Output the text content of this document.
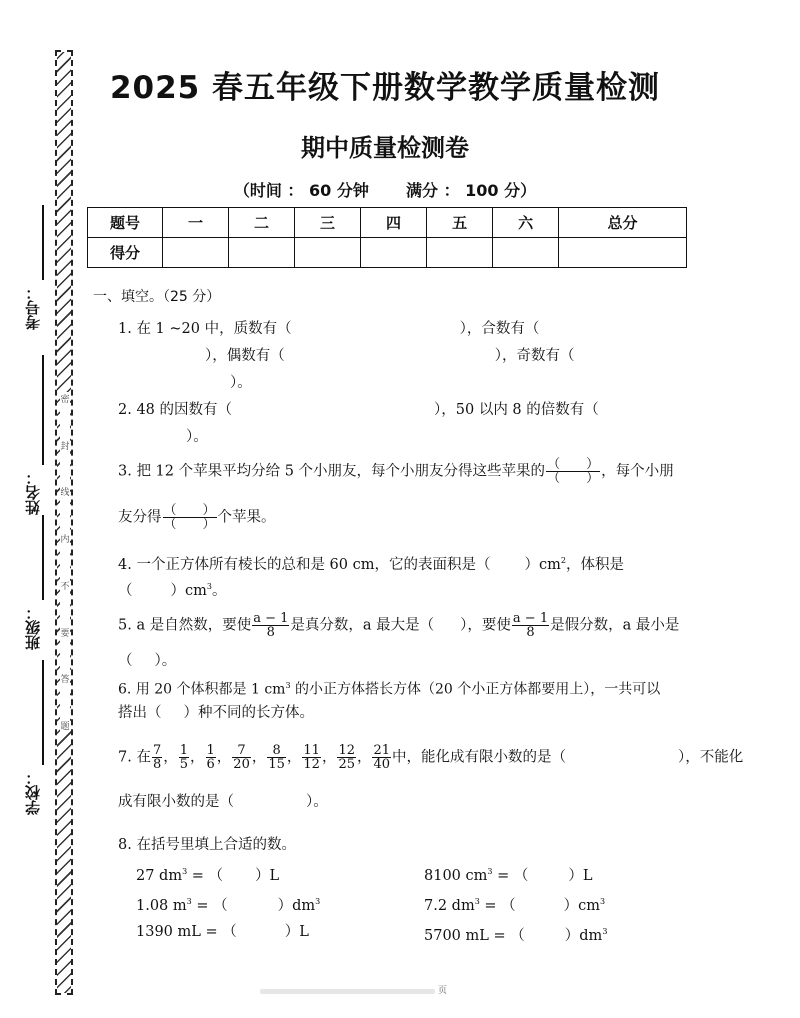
密
封
线
内
不
要
答
题
考号：
姓名：
班级：
学校：
2025 春五年级下册数学教学质量检测
期中质量检测卷
（时间 ： 60 分钟 满分 ： 100 分）
题号	一	二	三	四	五	六	总分
得分							
一、填空。（25 分）
1. 在 1 ~20 中，质数有（	），合数有（
），偶数有（	），奇数有（
）。
2. 48 的因数有（	），50 以内 8 的倍数有（
）。
3. 把 12 个苹果平均分给 5 个小朋友，每个小朋友分得这些苹果的 $\frac{( )}{( )}$ ，每个小朋
友分得 $\frac{( )}{( )}$ 个苹果。
4. 一个正方体所有棱长的总和是 60 cm，它的表面积是（ ）$cm^2$，体积是
（	）$cm^3$。
5. a 是自然数，要使 $\frac{a - 1}{8}$ 是真分数，a 最大是（ ），要使 $\frac{a - 1}{8}$ 是假分数，a 最小是
（ ）。
6. 用 20 个体积都是 1 $cm^3$ 的小正方体搭长方体（20 个小正方体都要用上），一共可以
搭出（ ）种不同的长方体。
7. 在 $\frac{7}{8}$ ， $\frac{1}{5}$ ， $\frac{1}{6}$ ， $\frac{7}{20}$ ， $\frac{8}{15}$ ， $\frac{11}{12}$ ， $\frac{12}{25}$ ， $\frac{21}{40}$ 中，能化成有限小数的是（	），不能化
成有限小数的是（	）。
8. 在括号里填上合适的数。
27 $dm^3$ = （ ）L	8100 $cm^3$ = （	）L
1.08 $m^3$ = （	）$dm^3$	7.2 $dm^3$ = （	）$cm^3$
1390 mL = （	）L	5700 mL = （	）$dm^3$
页
